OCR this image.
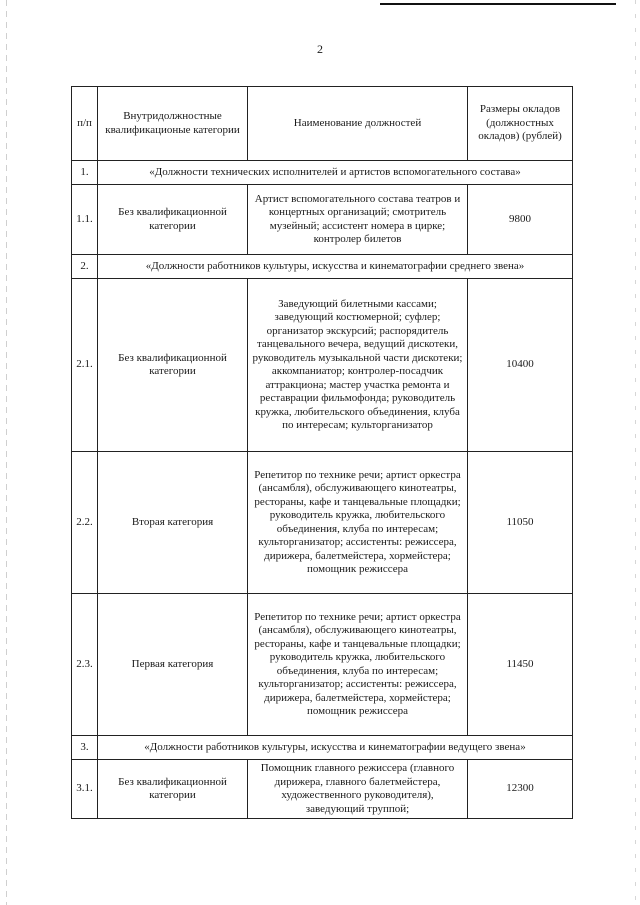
2
п/п	Внутридолжностные квалификационые категории	Наименование должностей	Размеры окладов (должностных окладов) (рублей)
1.	«Должности технических исполнителей и артистов вспомогательного состава»		
1.1.	Без квалификационной категории	Артист вспомогательного состава театров и концертных организаций; смотритель музейный; ассистент номера в цирке; контролер билетов	9800
2.	«Должности работников культуры, искусства и кинематографии среднего звена»		
2.1.	Без квалификационной категории	Заведующий билетными кассами; заведующий костюмерной; суфлер; организатор экскурсий; распорядитель танцевального вечера, ведущий дискотеки, руководитель музыкальной части дискотеки; аккомпаниатор; контролер-посадчик аттракциона; мастер участка ремонта и реставрации фильмофонда; руководитель кружка, любительского объединения, клуба по интересам; культорганизатор	10400
2.2.	Вторая категория	Репетитор по технике речи; артист оркестра (ансамбля), обслуживающего кинотеатры, рестораны, кафе и танцевальные площадки; руководитель кружка, любительского объединения, клуба по интересам; культорганизатор; ассистенты: режиссера, дирижера, балетмейстера, хормейстера; помощник режиссера	11050
2.3.	Первая категория	Репетитор по технике речи; артист оркестра (ансамбля), обслуживающего кинотеатры, рестораны, кафе и танцевальные площадки; руководитель кружка, любительского объединения, клуба по интересам; культорганизатор; ассистенты: режиссера, дирижера, балетмейстера, хормейстера; помощник режиссера	11450
3.	«Должности работников культуры, искусства и кинематографии ведущего звена»		
3.1.	Без квалификационной категории	Помощник главного режиссера (главного дирижера, главного балетмейстера, художественного руководителя), заведующий труппой;	12300
